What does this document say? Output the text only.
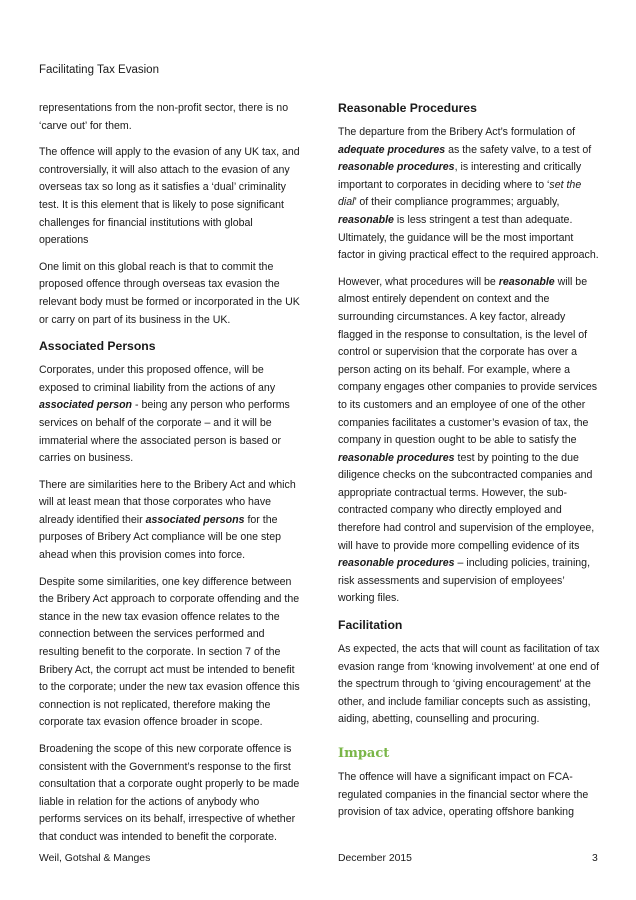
Facilitating Tax Evasion

representations from the non-profit sector, there is no ‘carve out’ for them.

The offence will apply to the evasion of any UK tax, and controversially, it will also attach to the evasion of any overseas tax so long as it satisfies a ‘dual’ criminality test. It is this element that is likely to pose significant challenges for financial institutions with global operations

One limit on this global reach is that to commit the proposed offence through overseas tax evasion the relevant body must be formed or incorporated in the UK or carry on part of its business in the UK.

Associated Persons

Corporates, under this proposed offence, will be exposed to criminal liability from the actions of any associated person - being any person who performs services on behalf of the corporate – and it will be immaterial where the associated person is based or carries on business.

There are similarities here to the Bribery Act and which will at least mean that those corporates who have already identified their associated persons for the purposes of Bribery Act compliance will be one step ahead when this provision comes into force.

Despite some similarities, one key difference between the Bribery Act approach to corporate offending and the stance in the new tax evasion offence relates to the connection between the services performed and resulting benefit to the corporate. In section 7 of the Bribery Act, the corrupt act must be intended to benefit to the corporate; under the new tax evasion offence this connection is not replicated, therefore making the corporate tax evasion offence broader in scope.

Broadening the scope of this new corporate offence is consistent with the Government’s response to the first consultation that a corporate ought properly to be made liable in relation for the actions of anybody who performs services on its behalf, irrespective of whether that conduct was intended to benefit the corporate.

Reasonable Procedures

The departure from the Bribery Act’s formulation of adequate procedures as the safety valve, to a test of reasonable procedures, is interesting and critically important to corporates in deciding where to ‘set the dial’ of their compliance programmes; arguably, reasonable is less stringent a test than adequate. Ultimately, the guidance will be the most important factor in giving practical effect to the required approach.

However, what procedures will be reasonable will be almost entirely dependent on context and the surrounding circumstances. A key factor, already flagged in the response to consultation, is the level of control or supervision that the corporate has over a person acting on its behalf. For example, where a company engages other companies to provide services to its customers and an employee of one of the other companies facilitates a customer’s evasion of tax, the company in question ought to be able to satisfy the reasonable procedures test by pointing to the due diligence checks on the subcontracted companies and appropriate contractual terms. However, the sub-contracted company who directly employed and therefore had control and supervision of the employee, will have to provide more compelling evidence of its reasonable procedures – including policies, training, risk assessments and supervision of employees’ working files.

Facilitation

As expected, the acts that will count as facilitation of tax evasion range from ‘knowing involvement’ at one end of the spectrum through to ‘giving encouragement’ at the other, and include familiar concepts such as assisting, aiding, abetting, counselling and procuring.

Impact

The offence will have a significant impact on FCA-regulated companies in the financial sector where the provision of tax advice, operating offshore banking

Weil, Gotshal & Manges	December 2015	3
